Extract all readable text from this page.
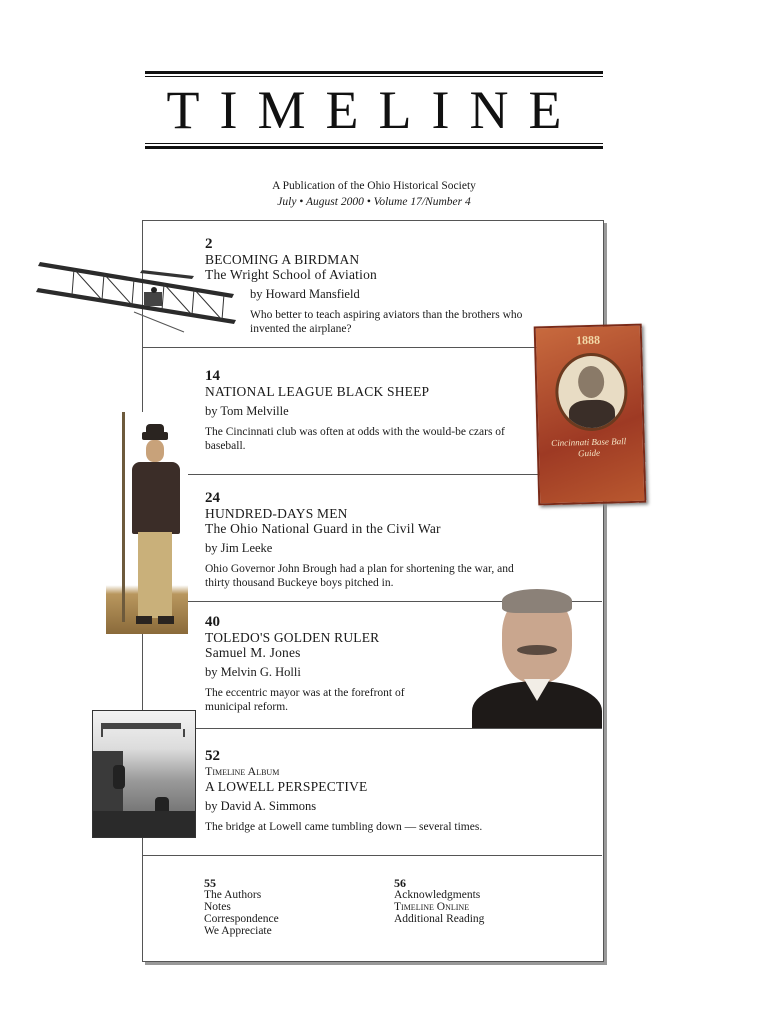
TIMELINE
A Publication of the Ohio Historical Society
July • August 2000 • Volume 17/Number 4
2
BECOMING A BIRDMAN
The Wright School of Aviation
by Howard Mansfield
Who better to teach aspiring aviators than the brothers who invented the airplane?
14
NATIONAL LEAGUE BLACK SHEEP
by Tom Melville
The Cincinnati club was often at odds with the would-be czars of baseball.
24
HUNDRED-DAYS MEN
The Ohio National Guard in the Civil War
by Jim Leeke
Ohio Governor John Brough had a plan for shortening the war, and thirty thousand Buckeye boys pitched in.
40
TOLEDO'S GOLDEN RULER
Samuel M. Jones
by Melvin G. Holli
The eccentric mayor was at the forefront of municipal reform.
52
Timeline Album
A LOWELL PERSPECTIVE
by David A. Simmons
The bridge at Lowell came tumbling down — several times.
55
The Authors
Notes
Correspondence
We Appreciate
56
Acknowledgments
Timeline Online
Additional Reading
1888
Cincinnati Base Ball Guide
